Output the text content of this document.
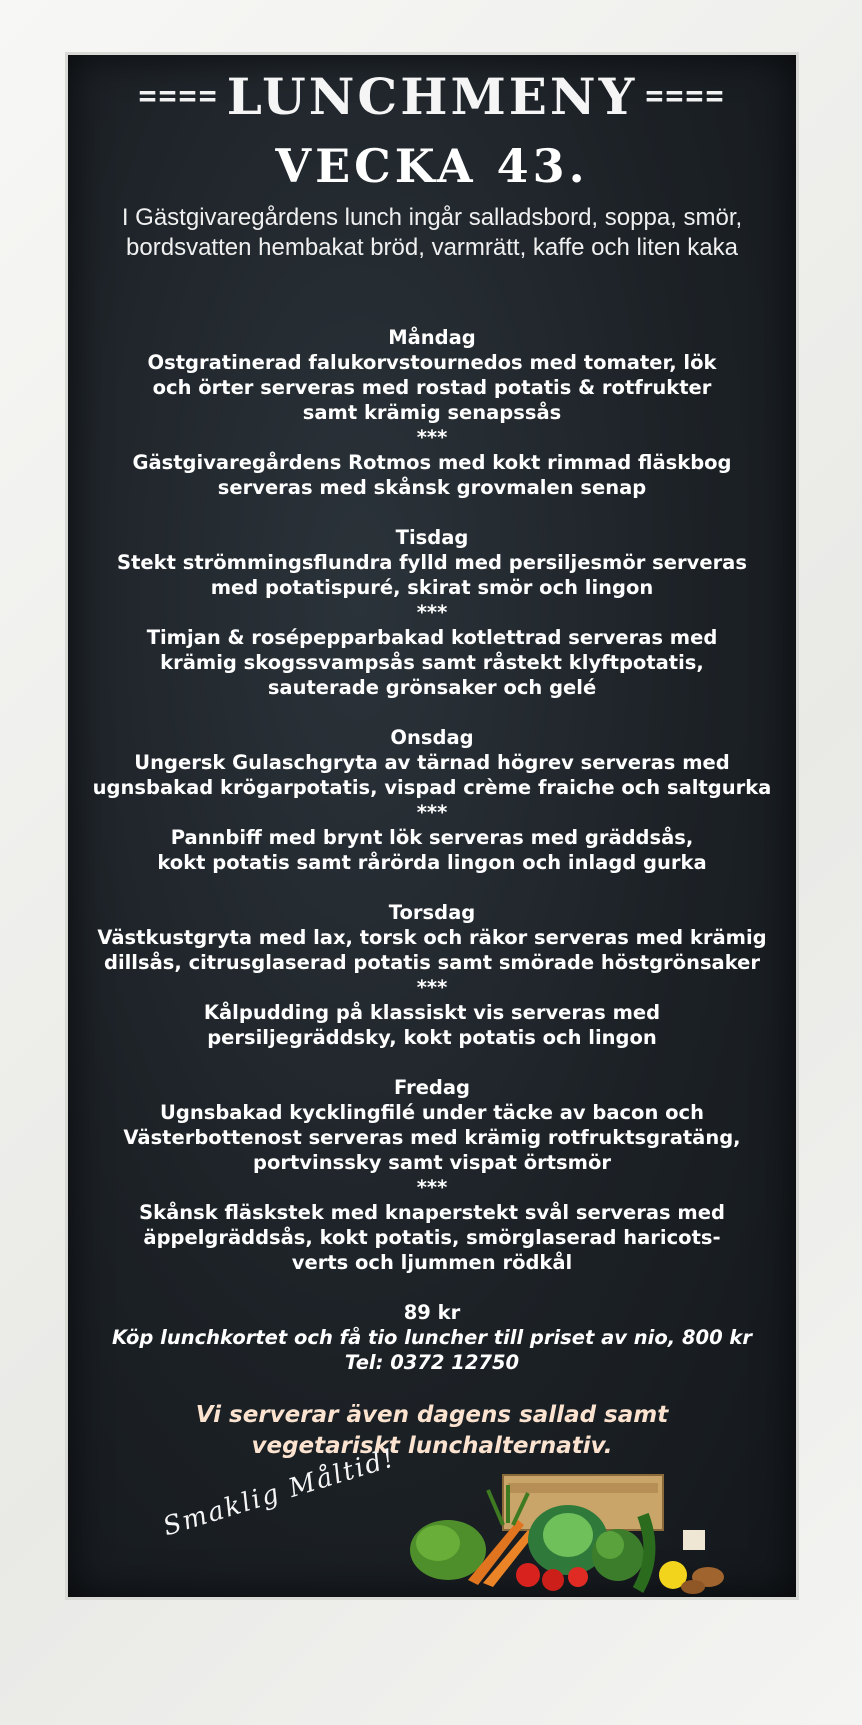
==== LUNCHMENY ====
VECKA 43.
I Gästgivaregårdens lunch ingår salladsbord, soppa, smör, bordsvatten hembakat bröd, varmrätt, kaffe och liten kaka
Måndag
Ostgratinerad falukorvstournedos med tomater, lök
och örter serveras med rostad potatis & rotfrukter
samt krämig senapssås
***
Gästgivaregårdens Rotmos med kokt rimmad fläskbog
serveras med skånsk grovmalen senap
Tisdag
Stekt strömmingsflundra fylld med persiljesmör serveras
med potatispuré, skirat smör och lingon
***
Timjan & rosépepparbakad kotlettrad serveras med
krämig skogssvampsås samt råstekt klyftpotatis,
sauterade grönsaker och gelé
Onsdag
Ungersk Gulaschgryta av tärnad högrev serveras med
ugnsbakad krögarpotatis, vispad crème fraiche och saltgurka
***
Pannbiff med brynt lök serveras med gräddsås,
kokt potatis samt rårörda lingon och inlagd gurka
Torsdag
Västkustgryta med lax, torsk och räkor serveras med krämig
dillsås, citrusglaserad potatis samt smörade höstgrönsaker
***
Kålpudding på klassiskt vis serveras med
persiljegräddsky, kokt potatis och lingon
Fredag
Ugnsbakad kycklingfilé under täcke av bacon och
Västerbottenost serveras med krämig rotfruktsgratäng,
portvinssky samt vispat örtsmör
***
Skånsk fläskstek med knaperstekt svål serveras med
äppelgräddsås, kokt potatis, smörglaserad haricots-
verts och ljummen rödkål
89 kr
Köp lunchkortet och få tio luncher till priset av nio, 800 kr
Tel: 0372 12750
Vi serverar även dagens sallad samt
vegetariskt lunchalternativ.
Smaklig Måltid!
